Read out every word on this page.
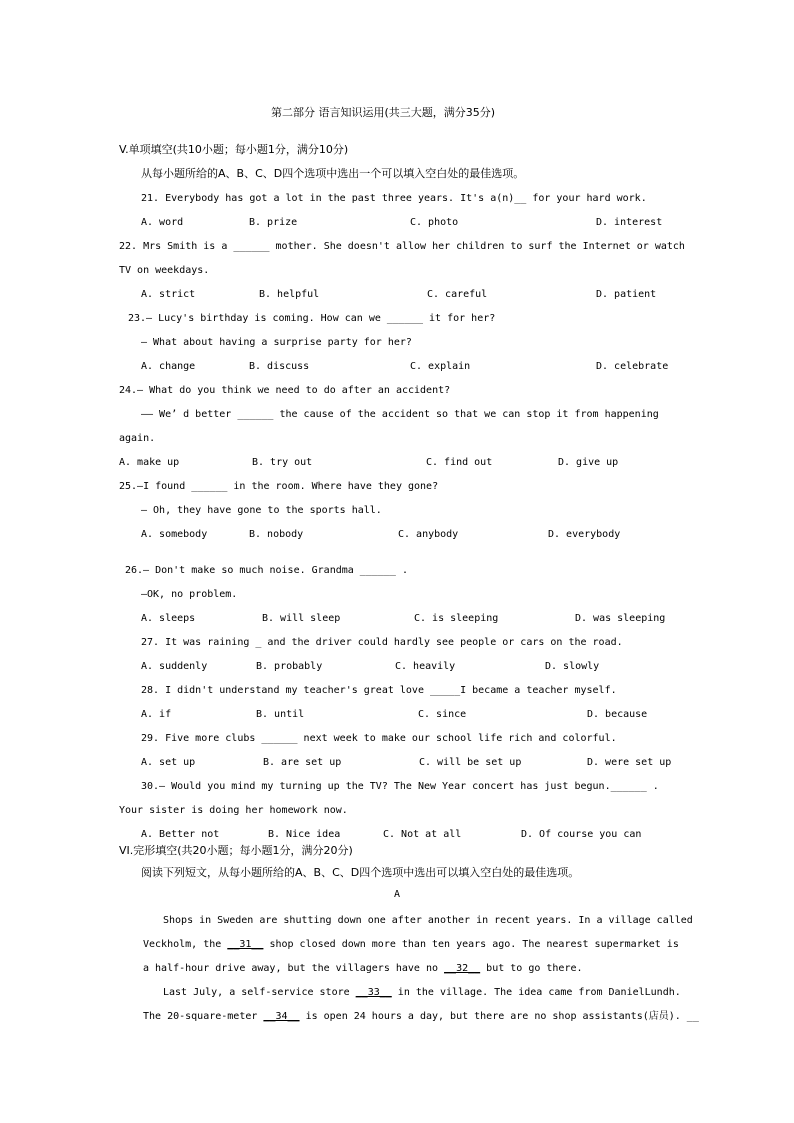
第二部分 语言知识运用(共三大题，满分35分)
V.单项填空(共10小题；每小题1分，满分10分)
从每小题所给的A、B、C、D四个选项中选出一个可以填入空白处的最佳选项。
21. Everybody has got a lot in the past three years. It's a(n)__ for your hard work.
A. word	B. prize	C. photo	D. interest
22. Mrs Smith is a ______ mother. She doesn't allow her children to surf the Internet or watch
TV on weekdays.
A. strict	B. helpful	C. careful	D. patient
23.— Lucy's birthday is coming. How can we ______ it for her?
— What about having a surprise party for her?
A. change	B. discuss	C. explain	D. celebrate
24.— What do you think we need to do after an accident?
—— We’ d better ______ the cause of the accident so that we can stop it from happening
again.
A. make up	B. try out	C. find out	D. give up
25.—I found ______ in the room. Where have they gone?
— Oh, they have gone to the sports hall.
A. somebody	B. nobody	C. anybody	D. everybody
26.— Don't make so much noise. Grandma ______ .
—OK, no problem.
A. sleeps	B. will sleep	C. is sleeping	D. was sleeping
27. It was raining _ and the driver could hardly see people or cars on the road.
A. suddenly	B. probably	C. heavily	D. slowly
28. I didn't understand my teacher's great love _____I became a teacher myself.
A. if	B. until	C. since	D. because
29. Five more clubs ______ next week to make our school life rich and colorful.
A. set up	B. are set up	C. will be set up	D. were set up
30.— Would you mind my turning up the TV? The New Year concert has just begun.______ .
Your sister is doing her homework now.
A. Better not	B. Nice idea	C. Not at all	D. Of course you can
VI.完形填空(共20小题；每小题1分，满分20分)
阅读下列短文，从每小题所给的A、B、C、D四个选项中选出可以填入空白处的最佳选项。
A
Shops in Sweden are shutting down one after another in recent years. In a village called
Veckholm, the __31__ shop closed down more than ten years ago. The nearest supermarket is
a half-hour drive away, but the villagers have no __32__ but to go there.
Last July, a self-service store __33__ in the village. The idea came from DanielLundh.
The 20-square-meter __34__ is open 24 hours a day, but there are no shop assistants(店员). __
